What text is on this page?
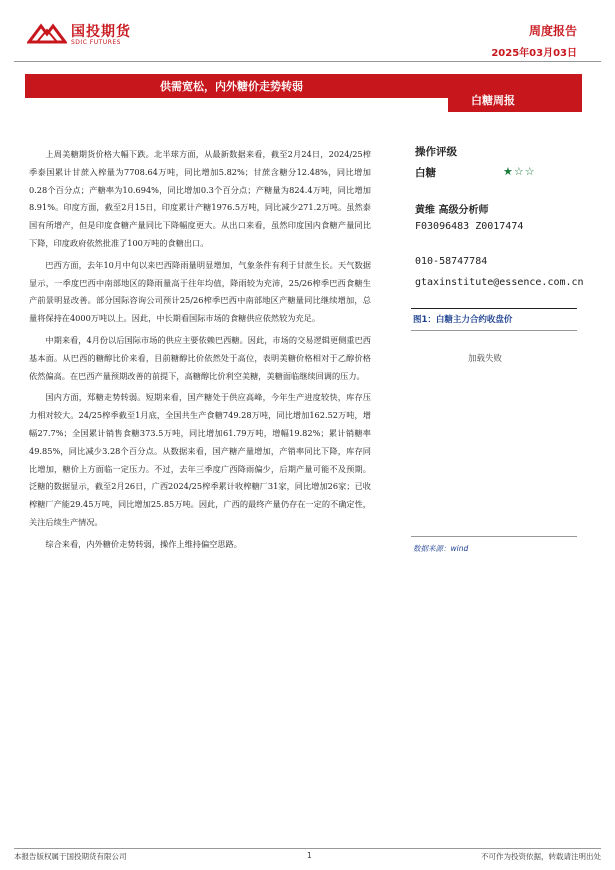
国投期货
SDIC FUTURES
周度报告
2025年03月03日
供需宽松，内外糖价走势转弱
白糖周报

上周美糖期货价格大幅下跌。北半球方面，从最新数据来看，截至2月24日，2024/25榨季泰国累计甘蔗入榨量为7708.64万吨，同比增加5.82%；甘蔗含糖分12.48%，同比增加0.28个百分点；产糖率为10.694%，同比增加0.3个百分点；产糖量为824.4万吨，同比增加8.91%。印度方面，截至2月15日，印度累计产糖1976.5万吨，同比减少271.2万吨。虽然泰国有所增产，但是印度食糖产量同比下降幅度更大。从出口来看，虽然印度国内食糖产量同比下降，印度政府依然批准了100万吨的食糖出口。

巴西方面，去年10月中旬以来巴西降雨量明显增加，气象条件有利于甘蔗生长。天气数据显示，一季度巴西中南部地区的降雨量高于往年均值，降雨较为充沛，25/26榨季巴西食糖生产前景明显改善。部分国际咨询公司预计25/26榨季巴西中南部地区产糖量同比继续增加，总量将保持在4000万吨以上。因此，中长期看国际市场的食糖供应依然较为充足。

中期来看，4月份以后国际市场的供应主要依赖巴西糖。因此，市场的交易逻辑更侧重巴西基本面。从巴西的糖醇比价来看，目前糖醇比价依然处于高位，表明美糖价格相对于乙醇价格依然偏高。在巴西产量预期改善的前提下，高糖醇比价利空美糖，美糖面临继续回调的压力。

国内方面，郑糖走势转弱。短期来看，国产糖处于供应高峰，今年生产进度较快，库存压力相对较大。24/25榨季截至1月底，全国共生产食糖749.28万吨，同比增加162.52万吨，增幅27.7%；全国累计销售食糖373.5万吨，同比增加61.79万吨，增幅19.82%；累计销糖率49.85%，同比减少3.28个百分点。从数据来看，国产糖产量增加，产销率同比下降，库存同比增加，糖价上方面临一定压力。不过，去年三季度广西降雨偏少，后期产量可能不及预期。泛糖的数据显示，截至2月26日，广西2024/25榨季累计收榨糖厂31家，同比增加26家；已收榨糖厂产能29.45万吨，同比增加25.85万吨。因此，广西的最终产量仍存在一定的不确定性，关注后续生产情况。

综合来看，内外糖价走势转弱，操作上维持偏空思路。

操作评级
白糖	★☆☆
黄维 高级分析师
F03096483 Z0017474
010-58747784
gtaxinstitute@essence.com.cn
图1：白糖主力合约收盘价
加载失败
数据来源：wind
本报告版权属于国投期货有限公司	1	不可作为投资依据，转载请注明出处
